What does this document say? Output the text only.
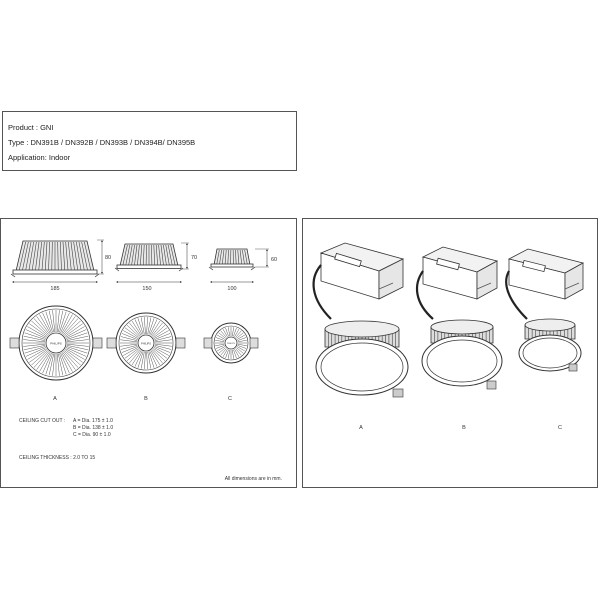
Product : GNI
Type : DN391B / DN392B / DN393B / DN394B/ DN395B
Application: Indoor
80
185
70
150
60
100
PHILIPS	PHILIPS	PHILIPS
A	B	C
CEILING CUT OUT : A = Dia. 175 ± 1.0
B = Dia. 138 ± 1.0
C = Dia. 90 ± 1.0
CEILING THICKNESS : 2.0 TO 15
All dimensions are in mm.
A	B	C
